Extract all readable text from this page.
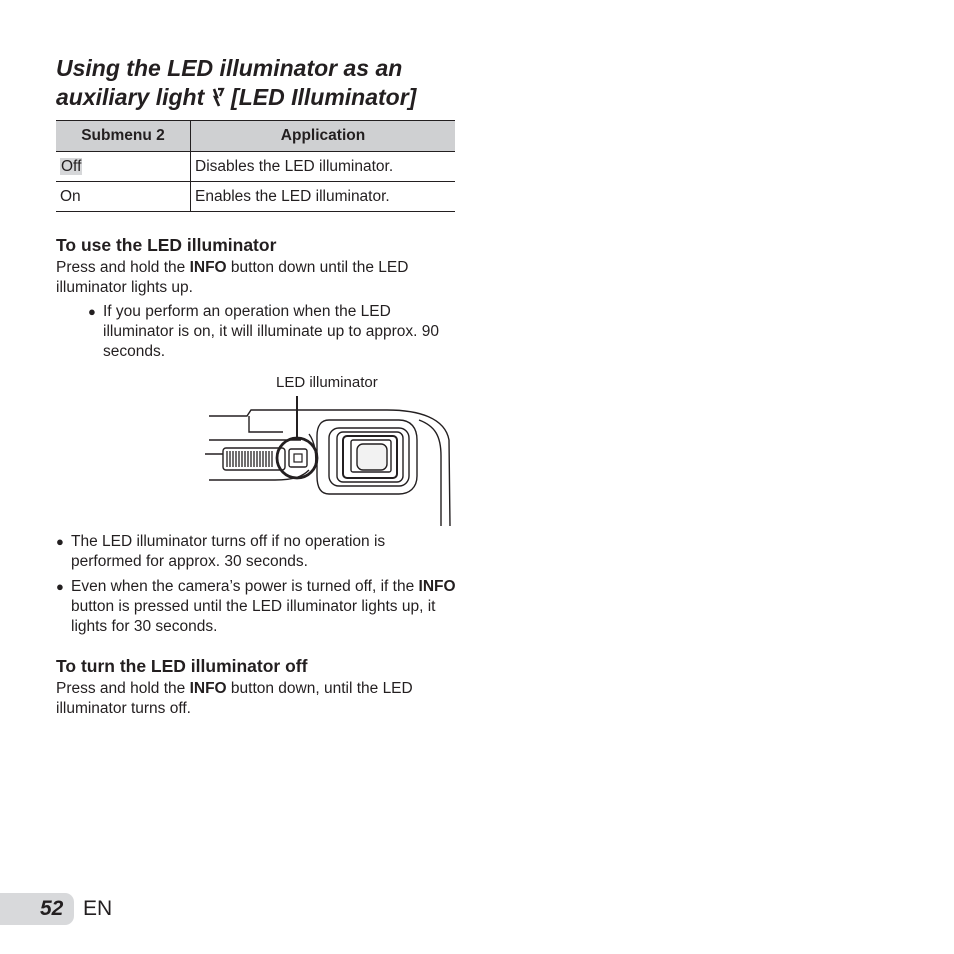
Using the LED illuminator as an
auxiliary light [LED Illuminator]
Submenu 2	Application
Off	Disables the LED illuminator.
On	Enables the LED illuminator.
To use the LED illuminator

Press and hold the INFO button down until the LED illuminator lights up.

● If you perform an operation when the LED illuminator is on, it will illuminate up to approx. 90 seconds.

LED illuminator

● The LED illuminator turns off if no operation is performed for approx. 30 seconds.

● Even when the camera’s power is turned off, if the INFO button is pressed until the LED illuminator lights up, it lights for 30 seconds.

To turn the LED illuminator off

Press and hold the INFO button down, until the LED illuminator turns off.

52 EN
